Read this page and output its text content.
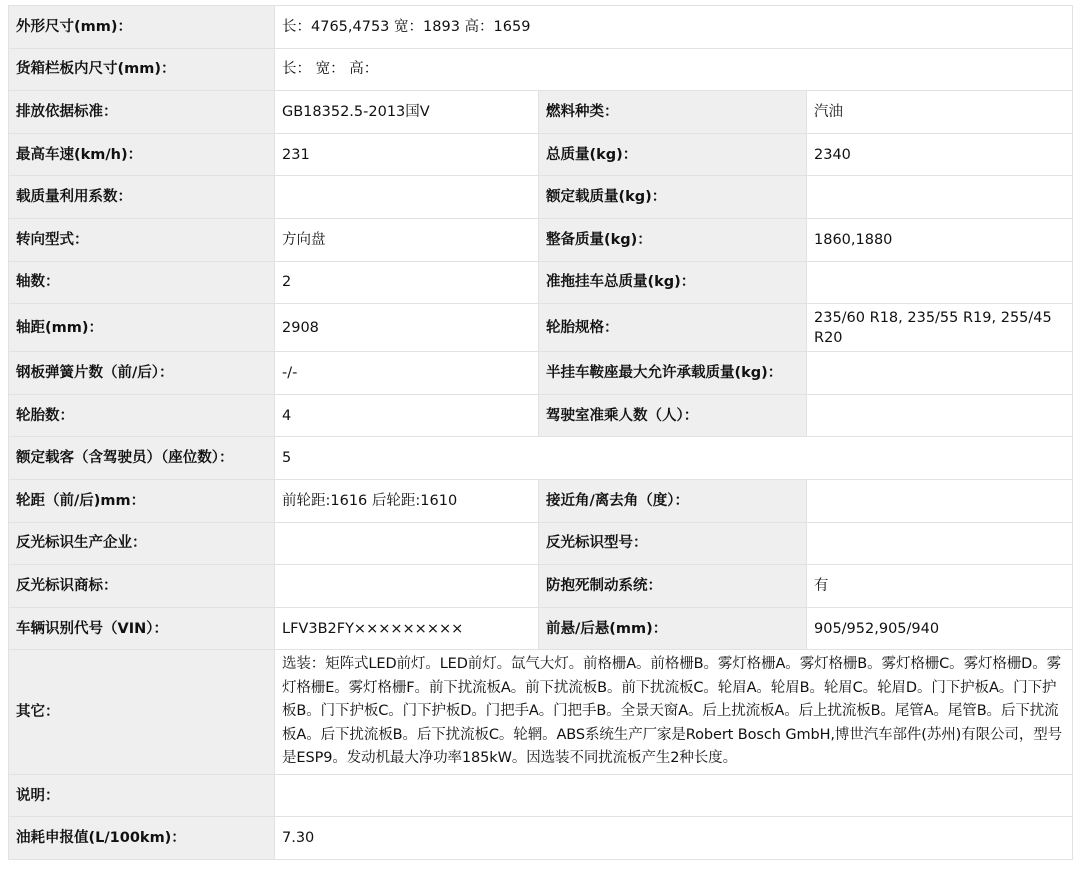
外形尺寸(mm)：	长：4765,4753 宽：1893 高：1659		
货箱栏板内尺寸(mm)：	长： 宽： 高：		
排放依据标准：	GB18352.5-2013国V	燃料种类：	汽油
最高车速(km/h)：	231	总质量(kg)：	2340
载质量利用系数：		额定载质量(kg)：	
转向型式：	方向盘	整备质量(kg)：	1860,1880
轴数：	2	准拖挂车总质量(kg)：	
轴距(mm)：	2908	轮胎规格：	235/60 R18, 235/55 R19, 255/45 R20
钢板弹簧片数（前/后）：	-/-	半挂车鞍座最大允许承载质量(kg)：	
轮胎数：	4	驾驶室准乘人数（人）：	
额定载客（含驾驶员）（座位数）：	5		
轮距（前/后)mm：	前轮距:1616 后轮距:1610	接近角/离去角（度）：	
反光标识生产企业：		反光标识型号：	
反光标识商标：		防抱死制动系统：	有
车辆识别代号（VIN）：	LFV3B2FY×××××××××	前悬/后悬(mm)：	905/952,905/940
其它：	选装：矩阵式LED前灯。LED前灯。氙气大灯。前格栅A。前格栅B。雾灯格栅A。雾灯格栅B。雾灯格栅C。雾灯格栅D。雾灯格栅E。雾灯格栅F。前下扰流板A。前下扰流板B。前下扰流板C。轮眉A。轮眉B。轮眉C。轮眉D。门下护板A。门下护板B。门下护板C。门下护板D。门把手A。门把手B。全景天窗A。后上扰流板A。后上扰流板B。尾管A。尾管B。后下扰流板A。后下扰流板B。后下扰流板C。轮辋。ABS系统生产厂家是Robert Bosch GmbH,博世汽车部件(苏州)有限公司，型号是ESP9。发动机最大净功率185kW。因选装不同扰流板产生2种长度。		
说明：			
油耗申报值(L/100km)：	7.30		
